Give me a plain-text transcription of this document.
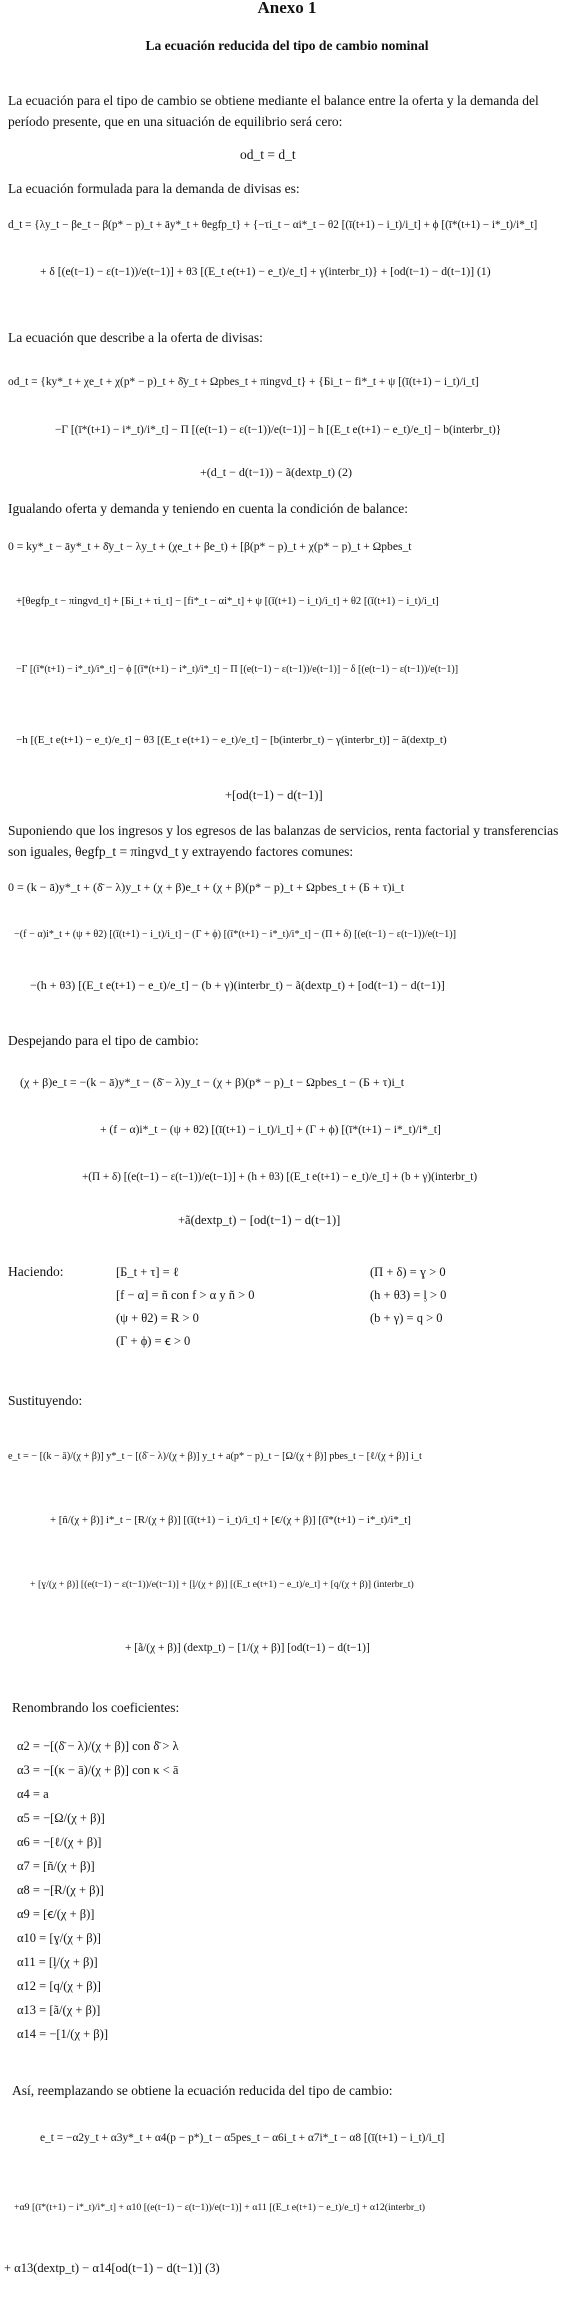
Anexo 1
La ecuación reducida del tipo de cambio nominal
La ecuación para el tipo de cambio se obtiene mediante el balance entre la oferta y la demanda del período presente, que en una situación de equilibrio será cero:
od_t = d_t
La ecuación formulada para la demanda de divisas es:
d_t = {λy_t − βe_t − β(p* − p)_t + āy*_t + θegfp_t} + {−τi_t − αi*_t − θ2 [(ī(t+1) − i_t)/i_t] + ϕ [(ī*(t+1) − i*_t)/i*_t]
+ δ [(e(t−1) − ε(t−1))/e(t−1)] + θ3 [(E_t e(t+1) − e_t)/e_t] + γ(interbr_t)} + [od(t−1) − d(t−1)] (1)
La ecuación que describe a la oferta de divisas:
od_t = {ky*_t + χe_t + χ(p* − p)_t + δ̄y_t + Ωpbes_t + πingvd_t} + {Бi_t − fi*_t + ψ [(ī(t+1) − i_t)/i_t]
−Γ [(ī*(t+1) − i*_t)/i*_t] − Π [(e(t−1) − ε(t−1))/e(t−1)] − h [(E_t e(t+1) − e_t)/e_t] − b(interbr_t)}
+(d_t − d(t−1)) − ã(dextp_t) (2)
Igualando oferta y demanda y teniendo en cuenta la condición de balance:
0 = ky*_t − āy*_t + δ̄y_t − λy_t + (χe_t + βe_t) + [β(p* − p)_t + χ(p* − p)_t + Ωpbes_t
+[θegfp_t − πingvd_t] + [Бi_t + τi_t] − [fi*_t − αi*_t] + ψ [(ī(t+1) − i_t)/i_t] + θ2 [(ī(t+1) − i_t)/i_t]
−Γ [(ī*(t+1) − i*_t)/i*_t] − ϕ [(ī*(t+1) − i*_t)/i*_t] − Π [(e(t−1) − ε(t−1))/e(t−1)] − δ [(e(t−1) − ε(t−1))/e(t−1)]
−h [(E_t e(t+1) − e_t)/e_t] − θ3 [(E_t e(t+1) − e_t)/e_t] − [b(interbr_t) − γ(interbr_t)] − ã(dextp_t)
+[od(t−1) − d(t−1)]
Suponiendo que los ingresos y los egresos de las balanzas de servicios, renta factorial y transferencias son iguales, θegfp_t = πingvd_t y extrayendo factores comunes:
0 = (k − ā)y*_t + (δ̄ − λ)y_t + (χ + β)e_t + (χ + β)(p* − p)_t + Ωpbes_t + (Б + τ)i_t
−(f − α)i*_t + (ψ + θ2) [(ī(t+1) − i_t)/i_t] − (Γ + ϕ) [(ī*(t+1) − i*_t)/i*_t] − (Π + δ) [(e(t−1) − ε(t−1))/e(t−1)]
−(h + θ3) [(E_t e(t+1) − e_t)/e_t] − (b + γ)(interbr_t) − ã(dextp_t) + [od(t−1) − d(t−1)]
Despejando para el tipo de cambio:
(χ + β)e_t = −(k − ā)y*_t − (δ̄ − λ)y_t − (χ + β)(p* − p)_t − Ωpbes_t − (Б + τ)i_t
+ (f − α)i*_t − (ψ + θ2) [(ī(t+1) − i_t)/i_t] + (Γ + ϕ) [(ī*(t+1) − i*_t)/i*_t]
+(Π + δ) [(e(t−1) − ε(t−1))/e(t−1)] + (h + θ3) [(E_t e(t+1) − e_t)/e_t] + (b + γ)(interbr_t)
+ã(dextp_t) − [od(t−1) − d(t−1)]
Haciendo:	[Б_t + τ] = ℓ
[f − α] = ñ con f > α y ñ > 0
(ψ + θ2) = Ɍ > 0
(Γ + ϕ) = ꞓ > 0
(Π + δ) = ɣ > 0
(h + θ3) = ᶅ > 0
(b + γ) = q > 0
Sustituyendo:
e_t = − [(k − ā)/(χ + β)] y*_t − [(δ̄ − λ)/(χ + β)] y_t + a(p* − p)_t − [Ω/(χ + β)] pbes_t − [ℓ/(χ + β)] i_t
+ [ñ/(χ + β)] i*_t − [Ɍ/(χ + β)] [(ī(t+1) − i_t)/i_t] + [ꞓ/(χ + β)] [(ī*(t+1) − i*_t)/i*_t]
+ [ɣ/(χ + β)] [(e(t−1) − ε(t−1))/e(t−1)] + [ᶅ/(χ + β)] [(E_t e(t+1) − e_t)/e_t] + [q/(χ + β)] (interbr_t)
+ [ã/(χ + β)] (dextp_t) − [1/(χ + β)] [od(t−1) − d(t−1)]
Renombrando los coeficientes:
α2 = −[(δ̄ − λ)/(χ + β)] con δ̄ > λ
α3 = −[(κ − ā)/(χ + β)] con κ < ā
α4 = a
α5 = −[Ω/(χ + β)]
α6 = −[ℓ/(χ + β)]
α7 = [ñ/(χ + β)]
α8 = −[Ɍ/(χ + β)]
α9 = [ꞓ/(χ + β)]
α10 = [ɣ/(χ + β)]
α11 = [ᶅ/(χ + β)]
α12 = [q/(χ + β)]
α13 = [ã/(χ + β)]
α14 = −[1/(χ + β)]
Así, reemplazando se obtiene la ecuación reducida del tipo de cambio:
e_t = −α2y_t + α3y*_t + α4(p − p*)_t − α5pes_t − α6i_t + α7i*_t − α8 [(ī(t+1) − i_t)/i_t]
+α9 [(ī*(t+1) − i*_t)/i*_t] + α10 [(e(t−1) − ε(t−1))/e(t−1)] + α11 [(E_t e(t+1) − e_t)/e_t] + α12(interbr_t)
+ α13(dextp_t) − α14[od(t−1) − d(t−1)] (3)
